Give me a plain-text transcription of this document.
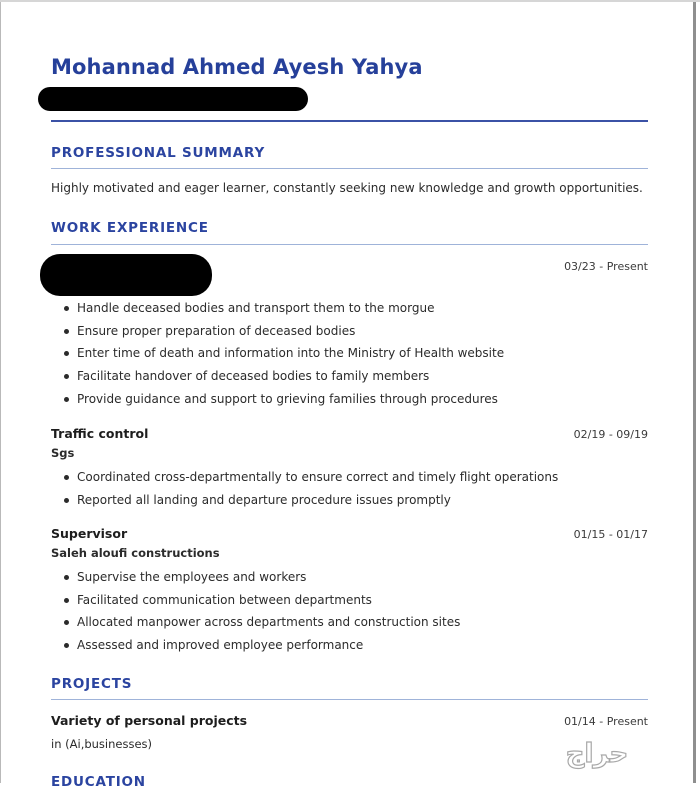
Mohannad Ahmed Ayesh Yahya
PROFESSIONAL SUMMARY
Highly motivated and eager learner, constantly seeking new knowledge and growth opportunities.
WORK EXPERIENCE
03/23 - Present
Handle deceased bodies and transport them to the morgue
Ensure proper preparation of deceased bodies
Enter time of death and information into the Ministry of Health website
Facilitate handover of deceased bodies to family members
Provide guidance and support to grieving families through procedures
Traffic control	02/19 - 09/19
Sgs
Coordinated cross-departmentally to ensure correct and timely flight operations
Reported all landing and departure procedure issues promptly
Supervisor	01/15 - 01/17
Saleh aloufi constructions
Supervise the employees and workers
Facilitated communication between departments
Allocated manpower across departments and construction sites
Assessed and improved employee performance
PROJECTS
Variety of personal projects	01/14 - Present
in (Ai,businesses)
EDUCATION
حراج
